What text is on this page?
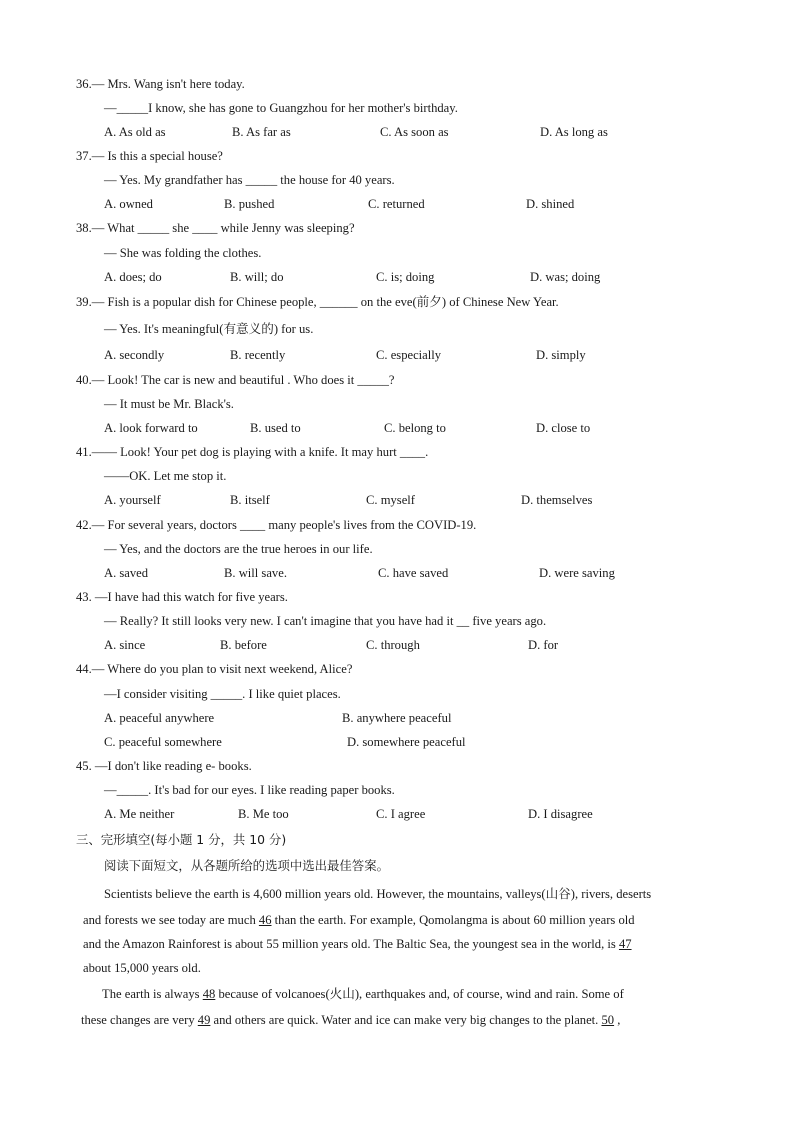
36.— Mrs. Wang isn't here today.
—_____I know, she has gone to Guangzhou for her mother's birthday.
A. As old as	B. As far as	C. As soon as	D. As long as
37.— Is this a special house?
— Yes. My grandfather has _____ the house for 40 years.
A. owned	B. pushed	C. returned	D. shined
38.— What _____ she ____ while Jenny was sleeping?
— She was folding the clothes.
A. does; do	B. will; do	C. is; doing	D. was; doing
39.— Fish is a popular dish for Chinese people, ______ on the eve(前夕) of Chinese New Year.
— Yes. It's meaningful(有意义的) for us.
A. secondly	B. recently	C. especially	D. simply
40.— Look! The car is new and beautiful . Who does it _____?
— It must be Mr. Black's.
A. look forward to	B. used to	C. belong to	D. close to
41.—— Look! Your pet dog is playing with a knife. It may hurt ____.
——OK. Let me stop it.
A. yourself	B. itself	C. myself	D. themselves
42.— For several years, doctors ____ many people's lives from the COVID-19.
— Yes, and the doctors are the true heroes in our life.
A. saved	B. will save.	C. have saved	D. were saving
43. —I have had this watch for five years.
— Really? It still looks very new. I can't imagine that you have had it __ five years ago.
A. since	B. before	C. through	D. for
44.— Where do you plan to visit next weekend, Alice?
—I consider visiting _____. I like quiet places.
A. peaceful anywhere	B. anywhere peaceful
C. peaceful somewhere	D. somewhere peaceful
45. —I don't like reading e- books.
—_____. It's bad for our eyes. I like reading paper books.
A. Me neither	B. Me too	C. I agree	D. I disagree
三、完形填空(每小题 1 分，共 10 分)
阅读下面短文，从各题所给的选项中选出最佳答案。
Scientists believe the earth is 4,600 million years old. However, the mountains, valleys(山谷), rivers, deserts
and forests we see today are much 46 than the earth. For example, Qomolangma is about 60 million years old
and the Amazon Rainforest is about 55 million years old. The Baltic Sea, the youngest sea in the world, is 47
about 15,000 years old.
The earth is always 48 because of volcanoes(火山), earthquakes and, of course, wind and rain. Some of
these changes are very 49 and others are quick. Water and ice can make very big changes to the planet. 50 ,
